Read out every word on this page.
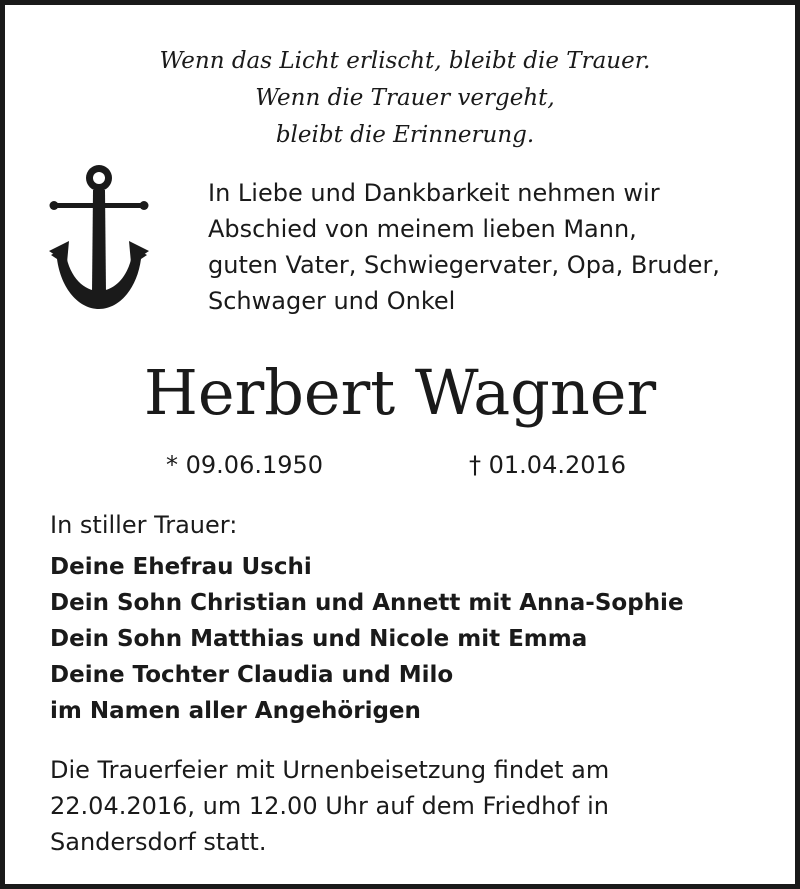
Wenn das Licht erlischt, bleibt die Trauer.
Wenn die Trauer vergeht,
bleibt die Erinnerung.
In Liebe und Dankbarkeit nehmen wir
Abschied von meinem lieben Mann,
guten Vater, Schwiegervater, Opa, Bruder,
Schwager und Onkel
Herbert Wagner
* 09.06.1950	† 01.04.2016
In stiller Trauer:
Deine Ehefrau Uschi
Dein Sohn Christian und Annett mit Anna-Sophie
Dein Sohn Matthias und Nicole mit Emma
Deine Tochter Claudia und Milo
im Namen aller Angehörigen
Die Trauerfeier mit Urnenbeisetzung findet am
22.04.2016, um 12.00 Uhr auf dem Friedhof in
Sandersdorf statt.
